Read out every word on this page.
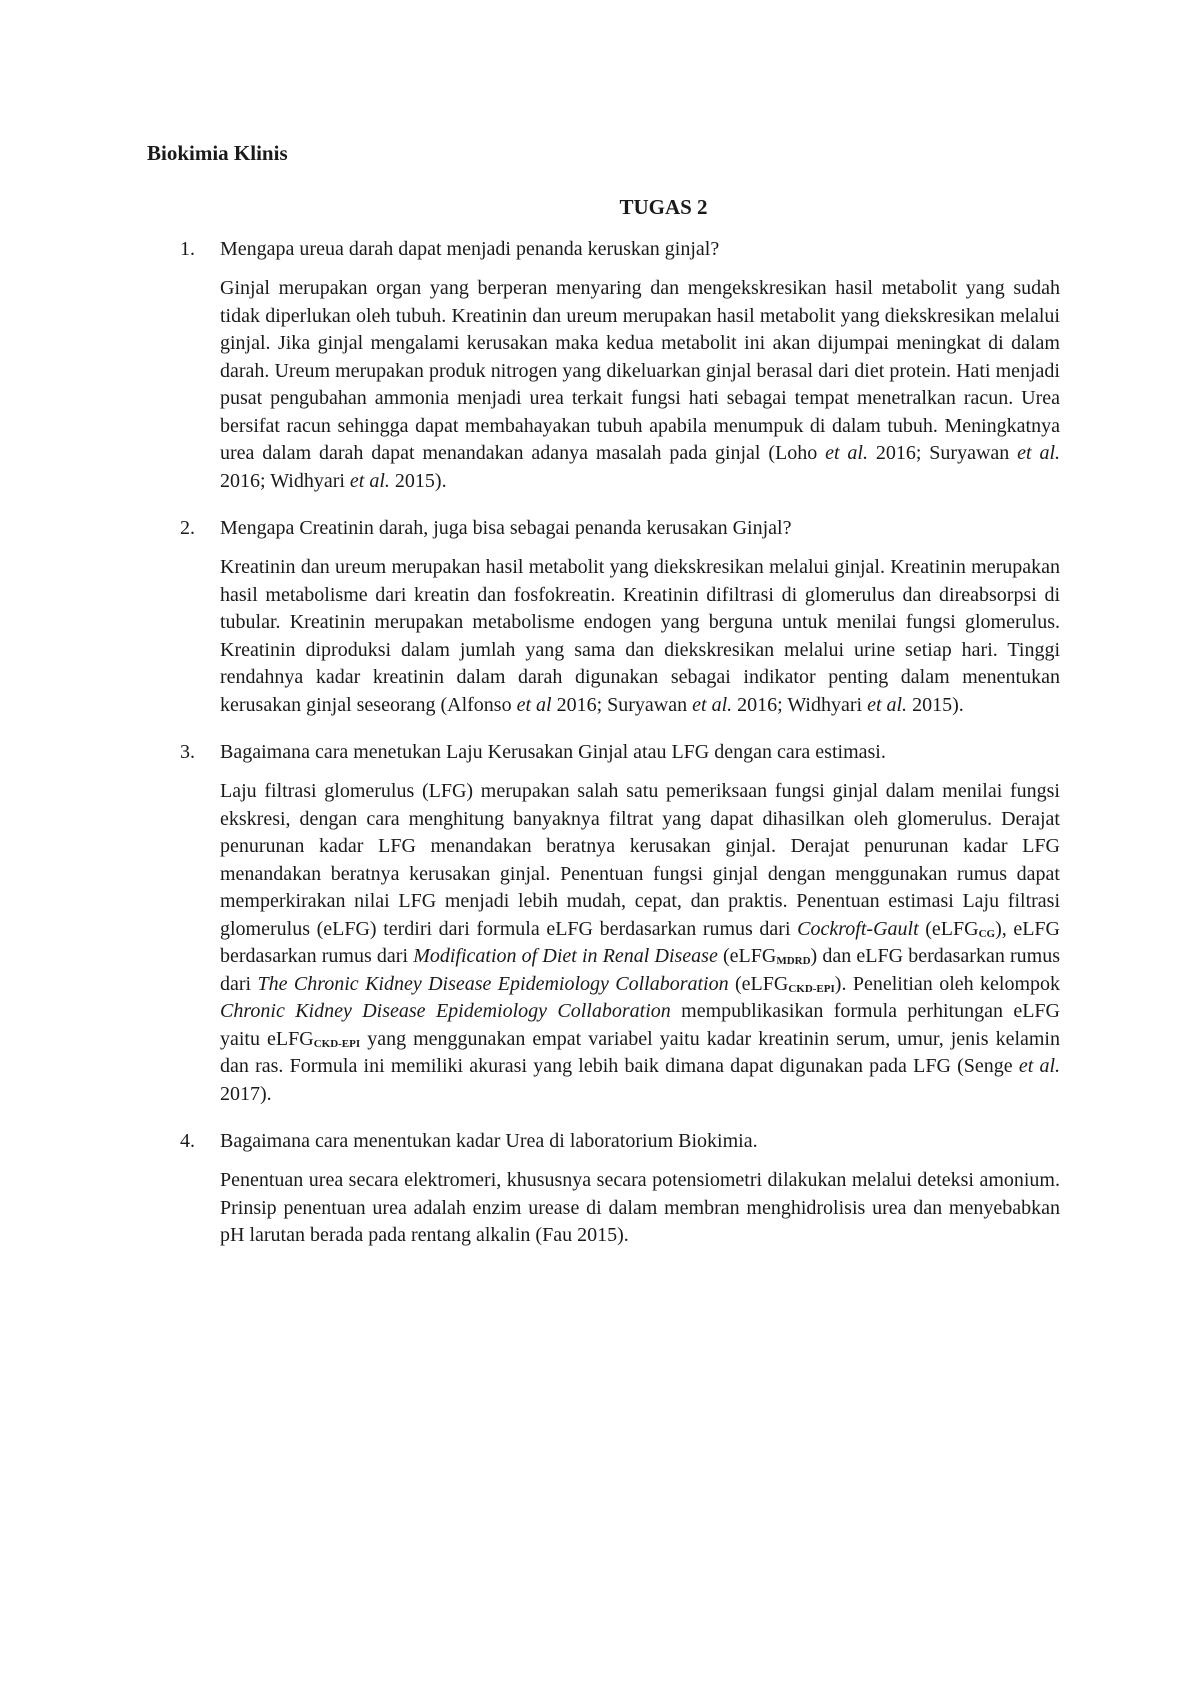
Biokimia Klinis
TUGAS 2
1. Mengapa ureua darah dapat menjadi penanda keruskan ginjal?

Ginjal merupakan organ yang berperan menyaring dan mengekskresikan hasil metabolit yang sudah tidak diperlukan oleh tubuh. Kreatinin dan ureum merupakan hasil metabolit yang diekskresikan melalui ginjal. Jika ginjal mengalami kerusakan maka kedua metabolit ini akan dijumpai meningkat di dalam darah. Ureum merupakan produk nitrogen yang dikeluarkan ginjal berasal dari diet protein. Hati menjadi pusat pengubahan ammonia menjadi urea terkait fungsi hati sebagai tempat menetralkan racun. Urea bersifat racun sehingga dapat membahayakan tubuh apabila menumpuk di dalam tubuh. Meningkatnya urea dalam darah dapat menandakan adanya masalah pada ginjal (Loho et al. 2016; Suryawan et al. 2016; Widhyari et al. 2015).

2. Mengapa Creatinin darah, juga bisa sebagai penanda kerusakan Ginjal?

Kreatinin dan ureum merupakan hasil metabolit yang diekskresikan melalui ginjal. Kreatinin merupakan hasil metabolisme dari kreatin dan fosfokreatin. Kreatinin difiltrasi di glomerulus dan direabsorpsi di tubular. Kreatinin merupakan metabolisme endogen yang berguna untuk menilai fungsi glomerulus. Kreatinin diproduksi dalam jumlah yang sama dan diekskresikan melalui urine setiap hari. Tinggi rendahnya kadar kreatinin dalam darah digunakan sebagai indikator penting dalam menentukan kerusakan ginjal seseorang (Alfonso et al 2016; Suryawan et al. 2016; Widhyari et al. 2015).

3. Bagaimana cara menetukan Laju Kerusakan Ginjal atau LFG dengan cara estimasi.

Laju filtrasi glomerulus (LFG) merupakan salah satu pemeriksaan fungsi ginjal dalam menilai fungsi ekskresi, dengan cara menghitung banyaknya filtrat yang dapat dihasilkan oleh glomerulus. Derajat penurunan kadar LFG menandakan beratnya kerusakan ginjal. Derajat penurunan kadar LFG menandakan beratnya kerusakan ginjal. Penentuan fungsi ginjal dengan menggunakan rumus dapat memperkirakan nilai LFG menjadi lebih mudah, cepat, dan praktis. Penentuan estimasi Laju filtrasi glomerulus (eLFG) terdiri dari formula eLFG berdasarkan rumus dari Cockroft-Gault (eLFG$_{CG}$), eLFG berdasarkan rumus dari Modification of Diet in Renal Disease (eLFG$_{MDRD}$) dan eLFG berdasarkan rumus dari The Chronic Kidney Disease Epidemiology Collaboration (eLFG$_{CKD-EPI}$). Penelitian oleh kelompok Chronic Kidney Disease Epidemiology Collaboration mempublikasikan formula perhitungan eLFG yaitu eLFG$_{CKD-EPI}$ yang menggunakan empat variabel yaitu kadar kreatinin serum, umur, jenis kelamin dan ras. Formula ini memiliki akurasi yang lebih baik dimana dapat digunakan pada LFG (Senge et al. 2017).

4. Bagaimana cara menentukan kadar Urea di laboratorium Biokimia.

Penentuan urea secara elektromeri, khususnya secara potensiometri dilakukan melalui deteksi amonium. Prinsip penentuan urea adalah enzim urease di dalam membran menghidrolisis urea dan menyebabkan pH larutan berada pada rentang alkalin (Fau 2015).
